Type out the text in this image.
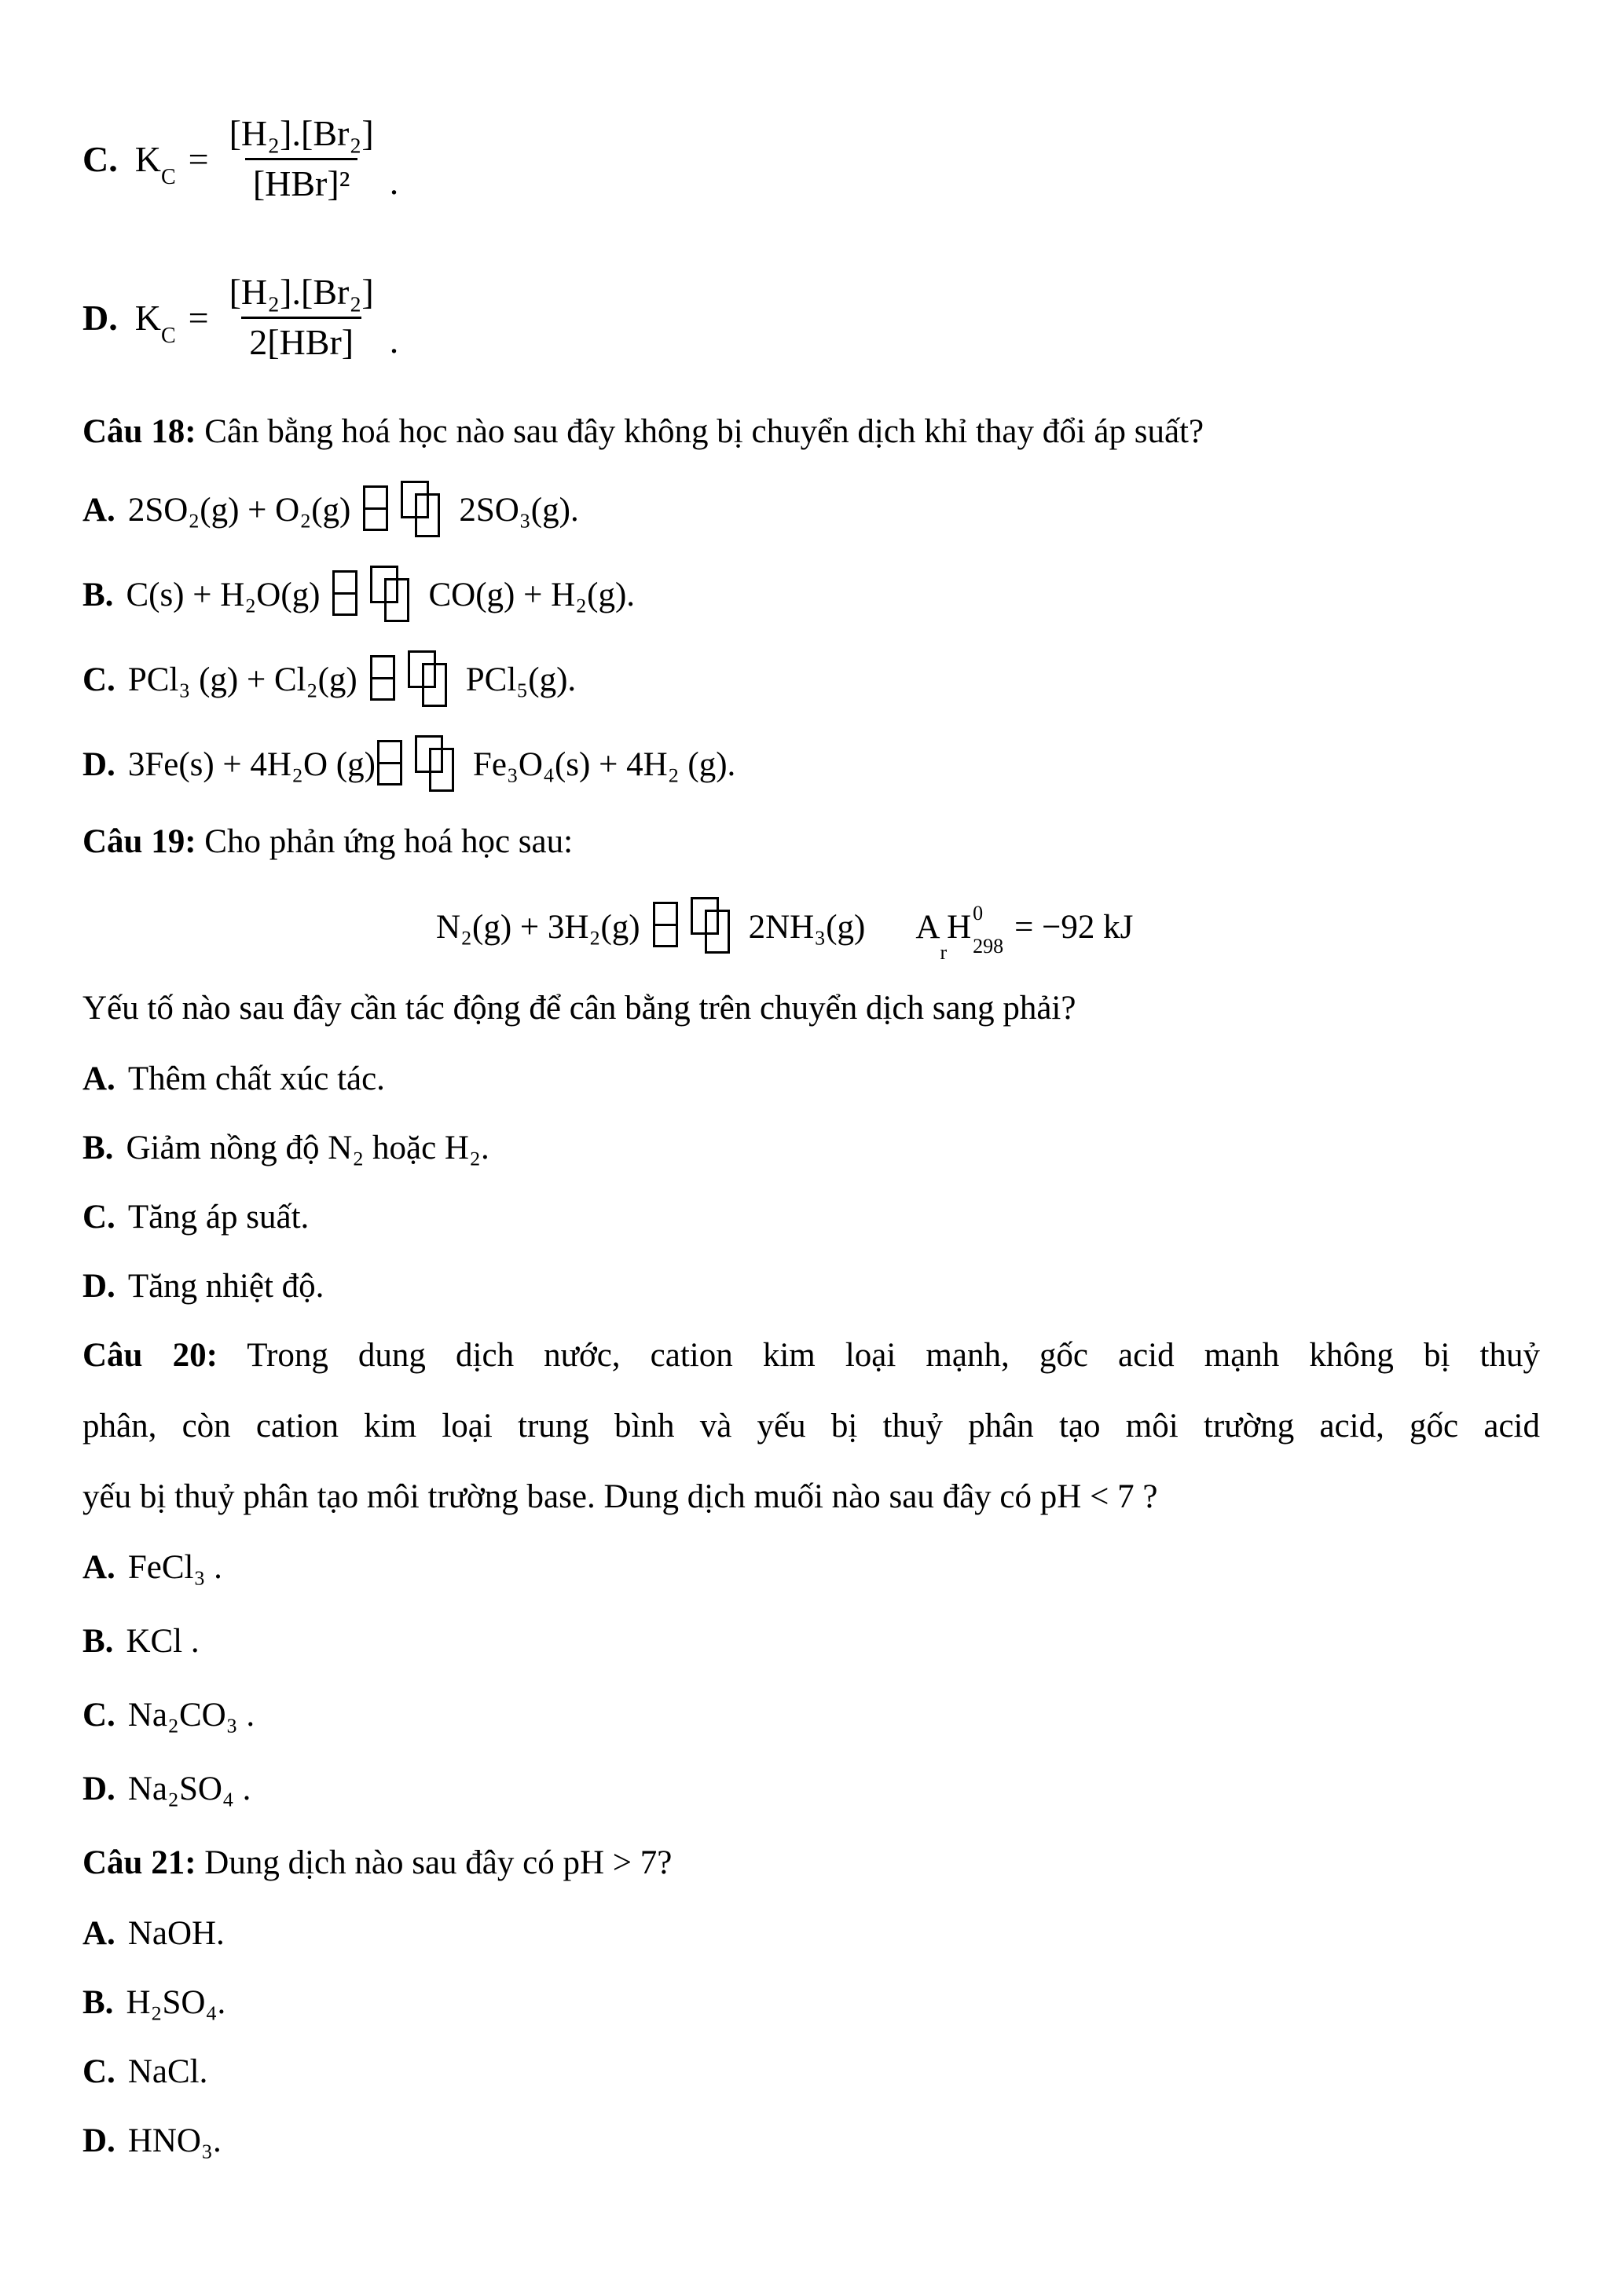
C. $K_C = \frac{\text{[H₂].[Br₂]}}{\text{[HBr]²}}$ .
D. $K_C = \frac{\text{[H₂].[Br₂]}}{\text{2[HBr]}}$ .
Câu 18: Cân bằng hoá học nào sau đây không bị chuyển dịch khỉ thay đổi áp suất?
A. 2SO₂(g) + O₂(g)	2SO₃(g).
B. C(s) + H₂O(g)	CO(g) + H₂(g).
C. PCl₃ (g) + Cl₂(g)	PCl₅(g).
D. 3Fe(s) + 4H₂O (g)	Fe₃O₄(s) + 4H₂ (g).
Câu 19: Cho phản ứng hoá học sau:
N₂(g) + 3H₂(g)	2NH₃(g) A
r
H 0
298
= −92 kJ
Yếu tố nào sau đây cần tác động để cân bằng trên chuyển dịch sang phải?
A. Thêm chất xúc tác.
B. Giảm nồng độ N₂ hoặc H₂.
C. Tăng áp suất.
D. Tăng nhiệt độ.
Câu 20: Trong dung dịch nước, cation kim loại mạnh, gốc acid mạnh không bị thuỷ
phân, còn cation kim loại trung bình và yếu bị thuỷ phân tạo môi trường acid, gốc acid
yếu bị thuỷ phân tạo môi trường base. Dung dịch muối nào sau đây có pH < 7 ?
A. FeCl₃ .
B. KCl .
C. Na₂CO₃ .
D. Na₂SO₄ .
Câu 21: Dung dịch nào sau đây có pH > 7?
A. NaOH.
B. H₂SO₄.
C. NaCl.
D. HNO₃.
